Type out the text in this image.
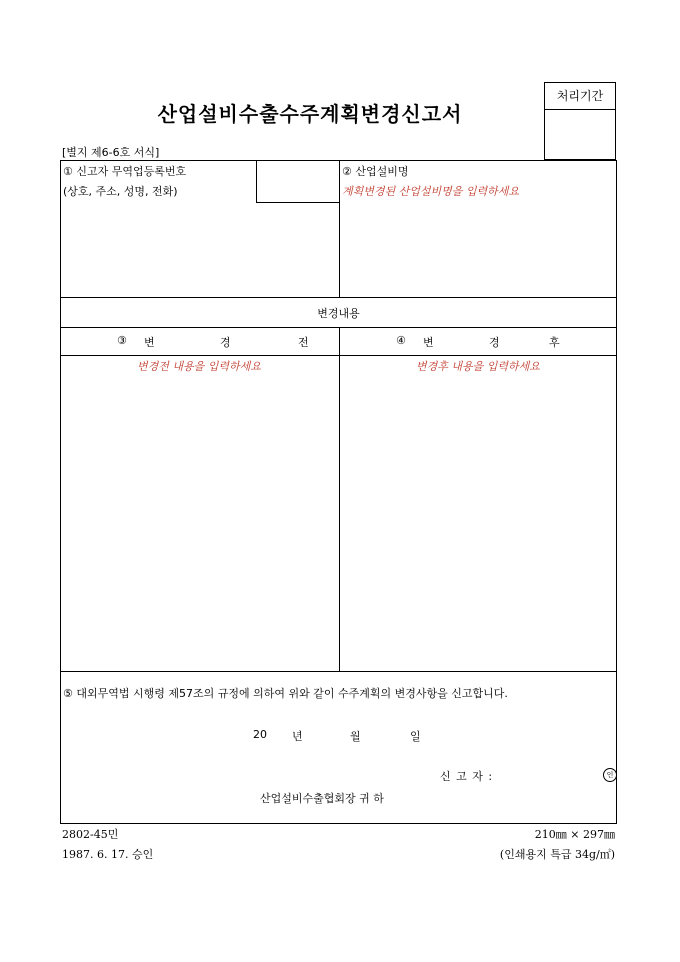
산업설비수출수주계획변경신고서
처리기간
[별지 제6-6호 서식]
① 신고자 무역업등록번호
(상호, 주소, 성명, 전화)
② 산업설비명
계획변경된 산업설비명을 입력하세요
변경내용
③ 변	경	전	④ 변	경	후
변경전 내용을 입력하세요	변경후 내용을 입력하세요
⑤ 대외무역법 시행령 제57조의 규정에 의하여 위와 같이 수주계획의 변경사항을 신고합니다.
20 년	월	일
신 고 자 :	인
산업설비수출협회장 귀 하
2802-45민	210㎜ × 297㎜
1987. 6. 17. 승인	(인쇄용지 특급 34g/㎡)
